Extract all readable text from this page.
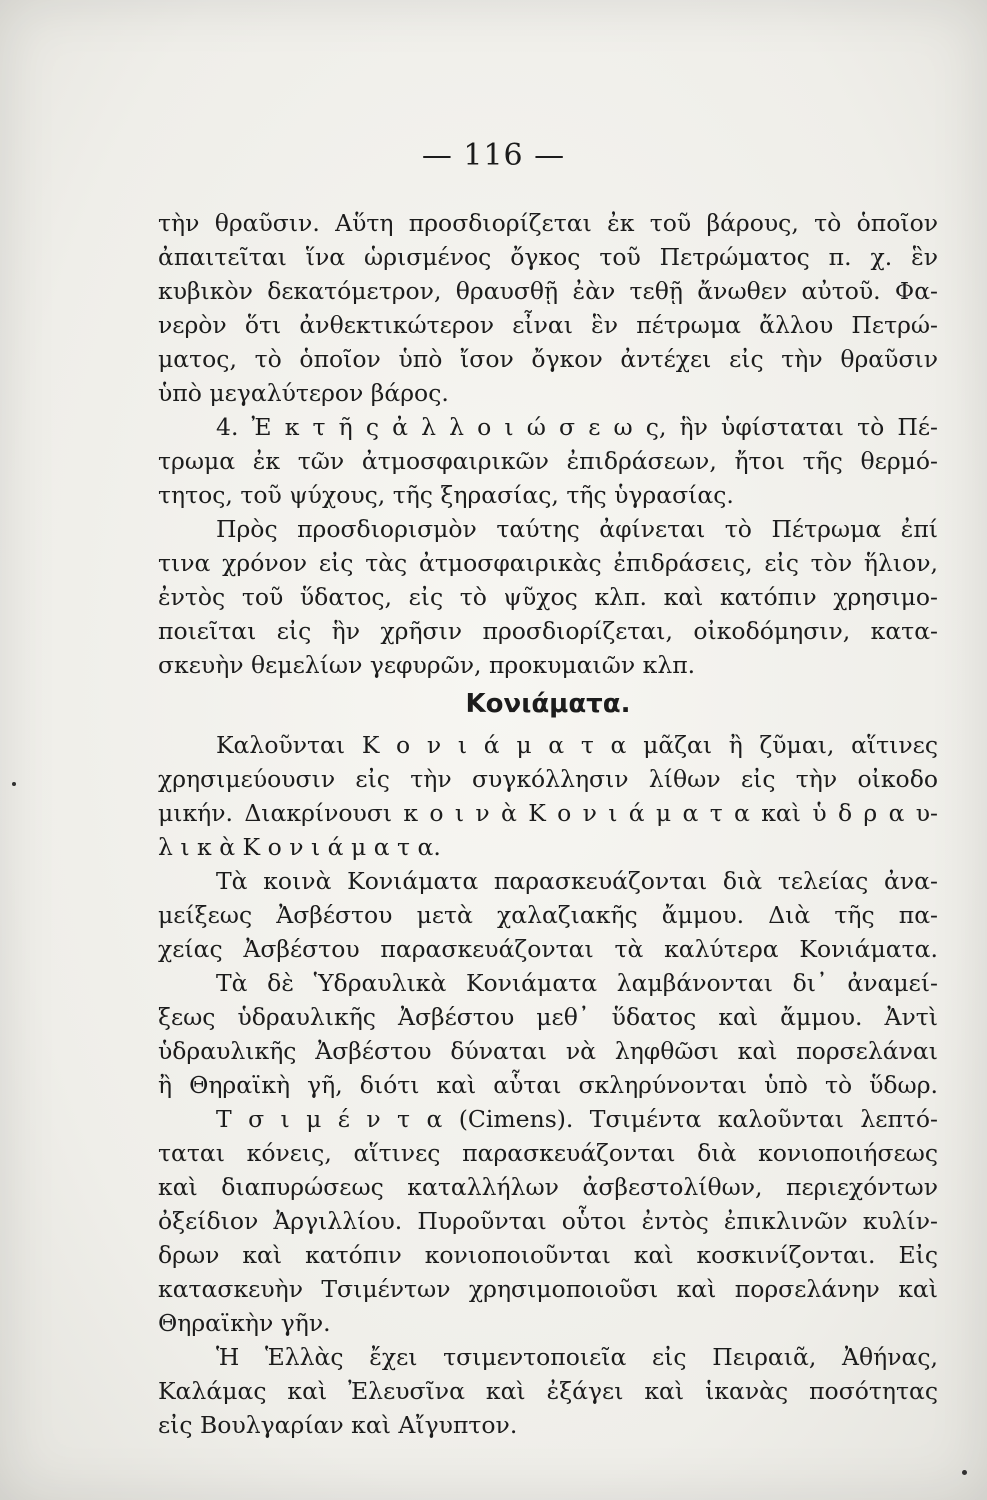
— 116 —
τὴν θραῦσιν. Αὕτη προσδιορίζεται ἐκ τοῦ βάρους, τὸ ὁποῖον
ἀπαιτεῖται ἵνα ὡρισμένος ὄγκος τοῦ Πετρώματος π. χ. ἓν
κυβικὸν δεκατόμετρον, θραυσθῇ ἐὰν τεθῇ ἄνωθεν αὐτοῦ. Φα-
νερὸν ὅτι ἀνθεκτικώτερον εἶναι ἓν πέτρωμα ἄλλου Πετρώ-
ματος, τὸ ὁποῖον ὑπὸ ἴσον ὄγκον ἀντέχει εἰς τὴν θραῦσιν
ὑπὸ μεγαλύτερον βάρος.
4. Ἐ κ τ ῆ ς ἀ λ λ ο ι ώ σ ε ω ς, ἣν ὑφίσταται τὸ Πέ-
τρωμα ἐκ τῶν ἀτμοσφαιρικῶν ἐπιδράσεων, ἤτοι τῆς θερμό-
τητος, τοῦ ψύχους, τῆς ξηρασίας, τῆς ὑγρασίας.
Πρὸς προσδιορισμὸν ταύτης ἀφίνεται τὸ Πέτρωμα ἐπί
τινα χρόνον εἰς τὰς ἀτμοσφαιρικὰς ἐπιδράσεις, εἰς τὸν ἥλιον,
ἐντὸς τοῦ ὕδατος, εἰς τὸ ψῦχος κλπ. καὶ κατόπιν χρησιμο-
ποιεῖται εἰς ἣν χρῆσιν προσδιορίζεται, οἰκοδόμησιν, κατα-
σκευὴν θεμελίων γεφυρῶν, προκυμαιῶν κλπ.
Κονιάματα.
Καλοῦνται Κ ο ν ι ά μ α τ α μᾶζαι ἢ ζῦμαι, αἵτινες
χρησιμεύουσιν εἰς τὴν συγκόλλησιν λίθων εἰς τὴν οἰκοδο
μικήν. Διακρίνουσι κ ο ι ν ὰ Κ ο ν ι ά μ α τ α καὶ ὑ δ ρ α υ-
λ ι κ ὰ Κ ο ν ι ά μ α τ α.
Τὰ κοινὰ Κονιάματα παρασκευάζονται διὰ τελείας ἀνα-
μείξεως Ἀσβέστου μετὰ χαλαζιακῆς ἄμμου. Διὰ τῆς πα-
χείας Ἀσβέστου παρασκευάζονται τὰ καλύτερα Κονιάματα.
Τὰ δὲ Ὑδραυλικὰ Κονιάματα λαμβάνονται δι᾽ ἀναμεί-
ξεως ὑδραυλικῆς Ἀσβέστου μεθ᾽ ὕδατος καὶ ἄμμου. Ἀντὶ
ὑδραυλικῆς Ἀσβέστου δύναται νὰ ληφθῶσι καὶ πορσελάναι
ἢ Θηραϊκὴ γῆ, διότι καὶ αὗται σκληρύνονται ὑπὸ τὸ ὕδωρ.
Τ σ ι μ έ ν τ α (Cimens). Τσιμέντα καλοῦνται λεπτό-
ταται κόνεις, αἵτινες παρασκευάζονται διὰ κονιοποιήσεως
καὶ διαπυρώσεως καταλλήλων ἀσβεστολίθων, περιεχόντων
ὀξείδιον Ἀργιλλίου. Πυροῦνται οὗτοι ἐντὸς ἐπικλινῶν κυλίν-
δρων καὶ κατόπιν κονιοποιοῦνται καὶ κοσκινίζονται. Εἰς
κατασκευὴν Τσιμέντων χρησιμοποιοῦσι καὶ πορσελάνην καὶ
Θηραϊκὴν γῆν.
Ἡ Ἑλλὰς ἔχει τσιμεντοποιεῖα εἰς Πειραιᾶ, Ἀθήνας,
Καλάμας καὶ Ἐλευσῖνα καὶ ἐξάγει καὶ ἱκανὰς ποσότητας
εἰς Βουλγαρίαν καὶ Αἴγυπτον.
